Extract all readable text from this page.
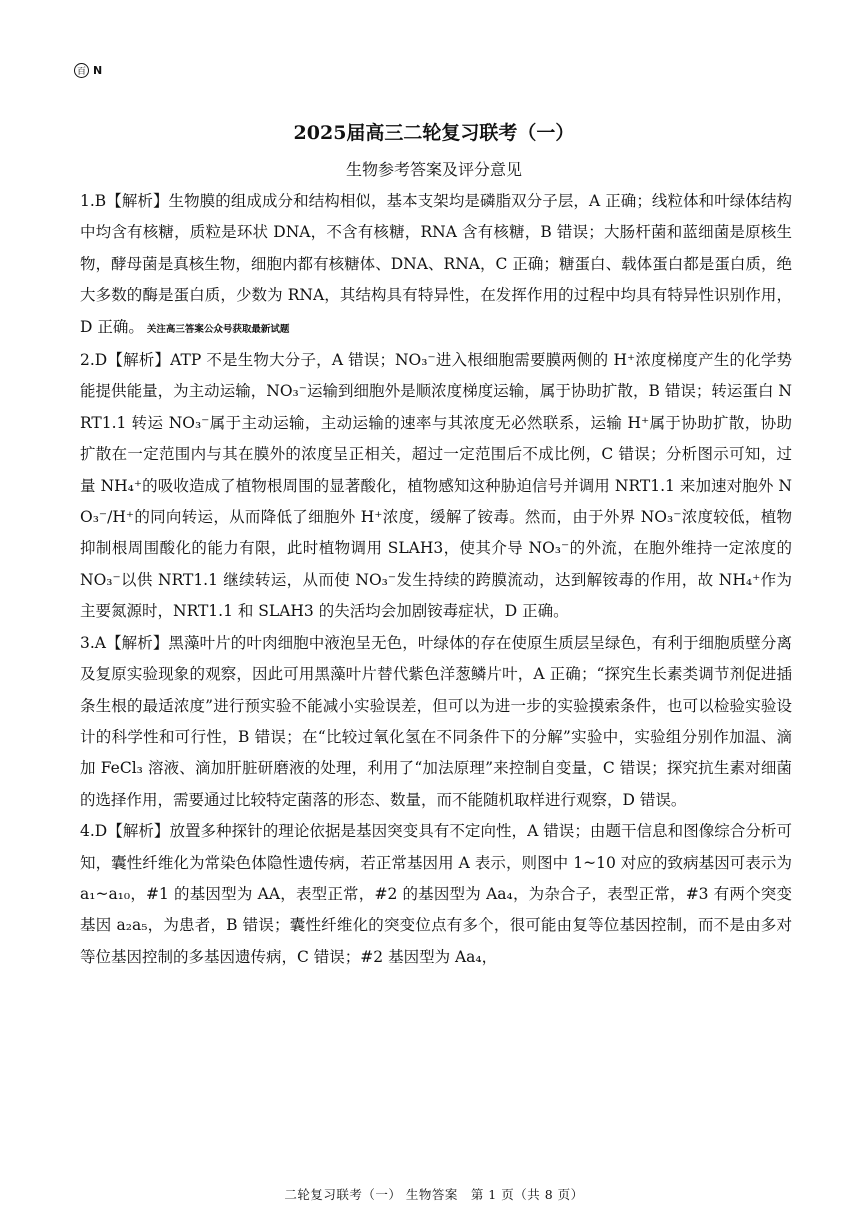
百 N
2025届高三二轮复习联考（一）
生物参考答案及评分意见

1.B【解析】生物膜的组成成分和结构相似，基本支架均是磷脂双分子层，A 正确；线粒体和叶绿体结构中均含有核糖，质粒是环状 DNA，不含有核糖，RNA 含有核糖，B 错误；大肠杆菌和蓝细菌是原核生物，酵母菌是真核生物，细胞内都有核糖体、DNA、RNA，C 正确；糖蛋白、载体蛋白都是蛋白质，绝大多数的酶是蛋白质，少数为 RNA，其结构具有特异性，在发挥作用的过程中均具有特异性识别作用，D 正确。 关注高三答案公众号获取最新试题

2.D【解析】ATP 不是生物大分子，A 错误；NO₃⁻进入根细胞需要膜两侧的 H⁺浓度梯度产生的化学势能提供能量，为主动运输，NO₃⁻运输到细胞外是顺浓度梯度运输，属于协助扩散，B 错误；转运蛋白 NRT1.1 转运 NO₃⁻属于主动运输，主动运输的速率与其浓度无必然联系，运输 H⁺属于协助扩散，协助扩散在一定范围内与其在膜外的浓度呈正相关，超过一定范围后不成比例，C 错误；分析图示可知，过量 NH₄⁺的吸收造成了植物根周围的显著酸化，植物感知这种胁迫信号并调用 NRT1.1 来加速对胞外 NO₃⁻/H⁺的同向转运，从而降低了细胞外 H⁺浓度，缓解了铵毒。然而，由于外界 NO₃⁻浓度较低，植物抑制根周围酸化的能力有限，此时植物调用 SLAH3，使其介导 NO₃⁻的外流，在胞外维持一定浓度的 NO₃⁻以供 NRT1.1 继续转运，从而使 NO₃⁻发生持续的跨膜流动，达到解铵毒的作用，故 NH₄⁺作为主要氮源时，NRT1.1 和 SLAH3 的失活均会加剧铵毒症状，D 正确。

3.A【解析】黑藻叶片的叶肉细胞中液泡呈无色，叶绿体的存在使原生质层呈绿色，有利于细胞质壁分离及复原实验现象的观察，因此可用黑藻叶片替代紫色洋葱鳞片叶，A 正确；“探究生长素类调节剂促进插条生根的最适浓度”进行预实验不能减小实验误差，但可以为进一步的实验摸索条件，也可以检验实验设计的科学性和可行性，B 错误；在“比较过氧化氢在不同条件下的分解”实验中，实验组分别作加温、滴加 FeCl₃ 溶液、滴加肝脏研磨液的处理，利用了“加法原理”来控制自变量，C 错误；探究抗生素对细菌的选择作用，需要通过比较特定菌落的形态、数量，而不能随机取样进行观察，D 错误。

4.D【解析】放置多种探针的理论依据是基因突变具有不定向性，A 错误；由题干信息和图像综合分析可知，囊性纤维化为常染色体隐性遗传病，若正常基因用 A 表示，则图中 1~10 对应的致病基因可表示为 a₁~a₁₀，#1 的基因型为 AA，表型正常，#2 的基因型为 Aa₄，为杂合子，表型正常，#3 有两个突变基因 a₂a₅，为患者，B 错误；囊性纤维化的突变位点有多个，很可能由复等位基因控制，而不是由多对等位基因控制的多基因遗传病，C 错误；#2 基因型为 Aa₄，

二轮复习联考（一） 生物答案　第 1 页（共 8 页）
